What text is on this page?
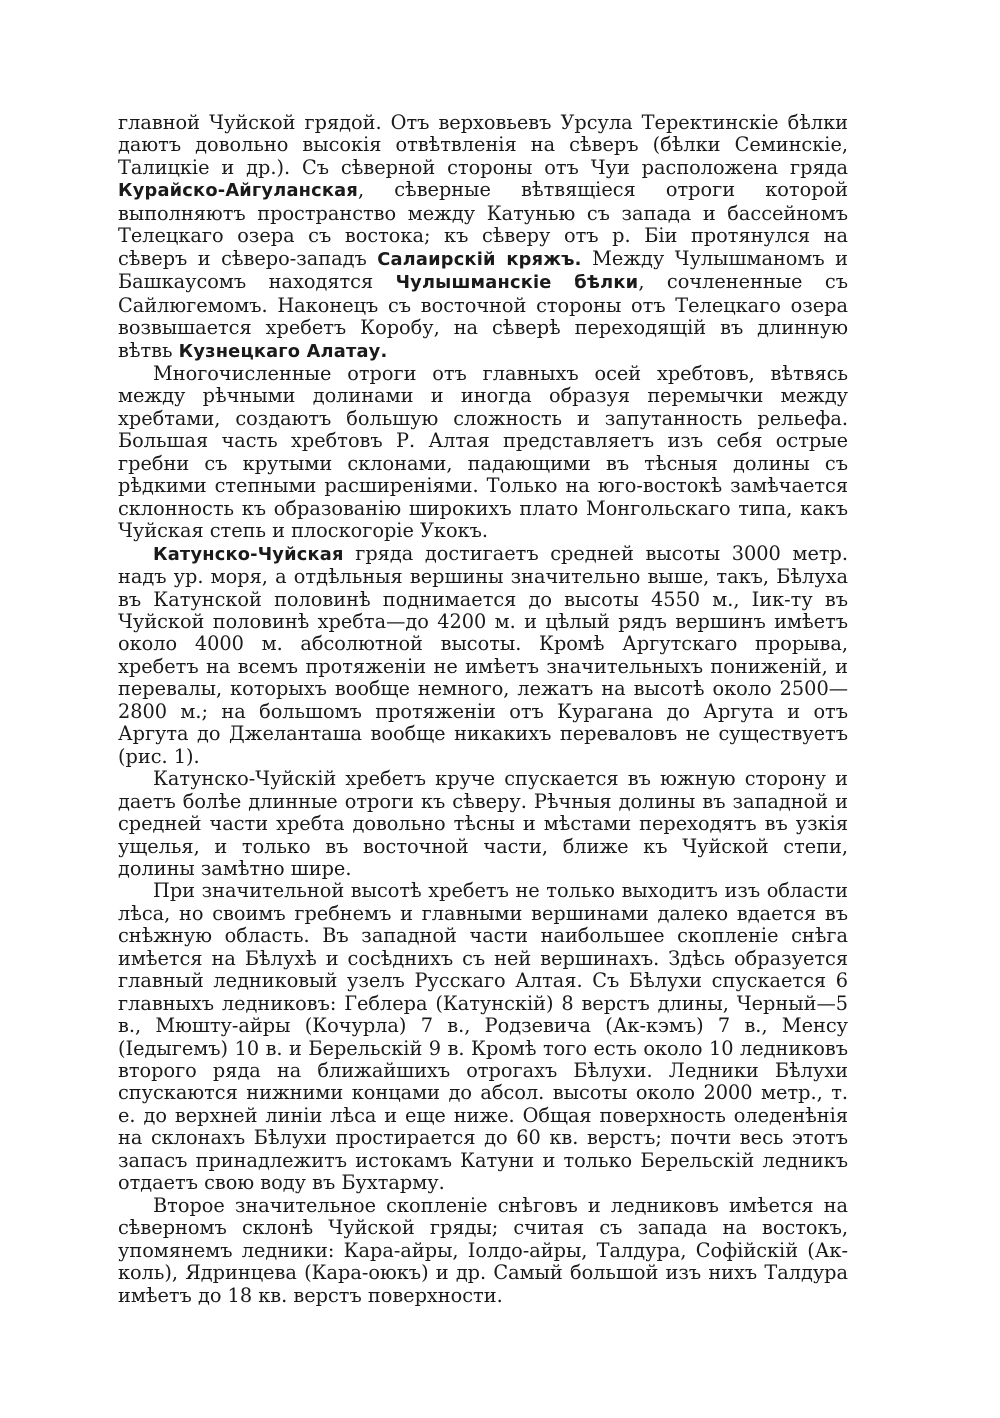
главной Чуйской грядой. Отъ верховьевъ Урсула Теректинскіе бѣлки даютъ довольно высокія отвѣтвленія на сѣверъ (бѣлки Семинскіе, Талицкіе и др.). Съ сѣверной стороны отъ Чуи расположена гряда Курайско-Айгуланская, сѣверные вѣтвящіеся отроги которой выполняютъ пространство между Катунью съ запада и бассейномъ Телецкаго озера съ востока; къ сѣверу отъ р. Біи протянулся на сѣверъ и сѣверо-западъ Салаирскій кряжъ. Между Чулышманомъ и Башкаусомъ находятся Чулышманскіе бѣлки, сочлененные съ Сайлюгемомъ. Наконецъ съ восточной стороны отъ Телецкаго озера возвышается хребетъ Коробу, на сѣверѣ переходящій въ длинную вѣтвь Кузнецкаго Алатау.

Многочисленные отроги отъ главныхъ осей хребтовъ, вѣтвясь между рѣчными долинами и иногда образуя перемычки между хребтами, создаютъ большую сложность и запутанность рельефа. Большая часть хребтовъ Р. Алтая представляетъ изъ себя острые гребни съ крутыми склонами, падающими въ тѣсныя долины съ рѣдкими степными расширеніями. Только на юго-востокѣ замѣчается склонность къ образованію широкихъ плато Монгольскаго типа, какъ Чуйская степь и плоскогоріе Укокъ.

Катунско-Чуйская гряда достигаетъ средней высоты 3000 метр. надъ ур. моря, а отдѣльныя вершины значительно выше, такъ, Бѣлуха въ Катунской половинѣ поднимается до высоты 4550 м., Іик-ту въ Чуйской половинѣ хребта—до 4200 м. и цѣлый рядъ вершинъ имѣетъ около 4000 м. абсолютной высоты. Кромѣ Аргутскаго прорыва, хребетъ на всемъ протяженіи не имѣетъ значительныхъ пониженій, и перевалы, которыхъ вообще немного, лежатъ на высотѣ около 2500—2800 м.; на большомъ протяженіи отъ Курагана до Аргута и отъ Аргута до Джеланташа вообще никакихъ переваловъ не существуетъ (рис. 1).

Катунско-Чуйскій хребетъ круче спускается въ южную сторону и даетъ болѣе длинные отроги къ сѣверу. Рѣчныя долины въ западной и средней части хребта довольно тѣсны и мѣстами переходятъ въ узкія ущелья, и только въ восточной части, ближе къ Чуйской степи, долины замѣтно шире.

При значительной высотѣ хребетъ не только выходитъ изъ области лѣса, но своимъ гребнемъ и главными вершинами далеко вдается въ снѣжную область. Въ западной части наибольшее скопленіе снѣга имѣется на Бѣлухѣ и сосѣднихъ съ ней вершинахъ. Здѣсь образуется главный ледниковый узелъ Русскаго Алтая. Съ Бѣлухи спускается 6 главныхъ ледниковъ: Геблера (Катунскій) 8 верстъ длины, Черный—5 в., Мюшту-айры (Кочурла) 7 в., Родзевича (Ак-кэмъ) 7 в., Менсу (Іедыгемъ) 10 в. и Берельскій 9 в. Кромѣ того есть около 10 ледниковъ второго ряда на ближайшихъ отрогахъ Бѣлухи. Ледники Бѣлухи спускаются нижними концами до абсол. высоты около 2000 метр., т. е. до верхней линіи лѣса и еще ниже. Общая поверхность оледенѣнія на склонахъ Бѣлухи простирается до 60 кв. верстъ; почти весь этотъ запасъ принадлежитъ истокамъ Катуни и только Берельскій ледникъ отдаетъ свою воду въ Бухтарму.

Второе значительное скопленіе снѣговъ и ледниковъ имѣется на сѣверномъ склонѣ Чуйской гряды; считая съ запада на востокъ, упомянемъ ледники: Кара-айры, Іолдо-айры, Талдура, Софійскій (Ак-коль), Ядринцева (Кара-оюкъ) и др. Самый большой изъ нихъ Талдура имѣетъ до 18 кв. верстъ поверхности.
